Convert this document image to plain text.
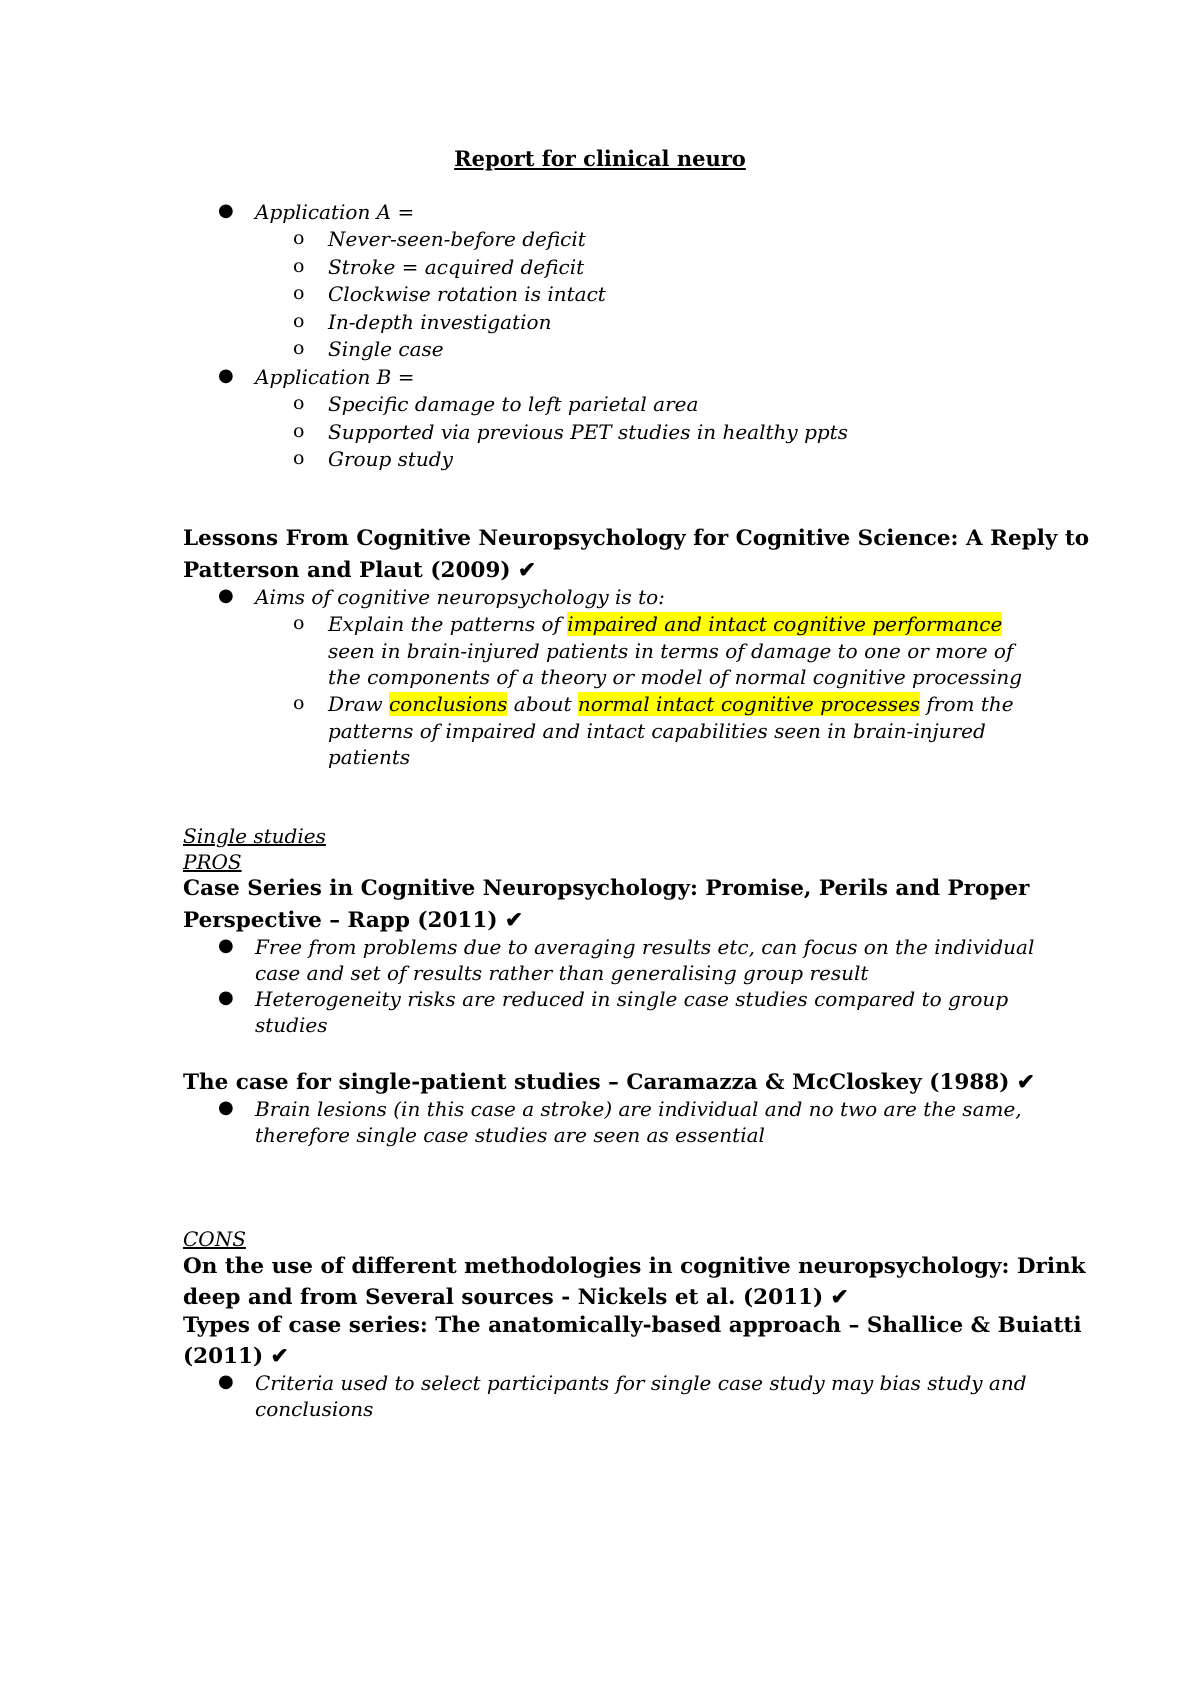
Report for clinical neuro
● Application A =
o Never-seen-before deficit
o Stroke = acquired deficit
o Clockwise rotation is intact
o In-depth investigation
o Single case
● Application B =
o Specific damage to left parietal area
o Supported via previous PET studies in healthy ppts
o Group study
Lessons From Cognitive Neuropsychology for Cognitive Science: A Reply to
Patterson and Plaut (2009) ✔
● Aims of cognitive neuropsychology is to:
o Explain the patterns of impaired and intact cognitive performance
seen in brain-injured patients in terms of damage to one or more of
the components of a theory or model of normal cognitive processing
o Draw conclusions about normal intact cognitive processes from the
patterns of impaired and intact capabilities seen in brain-injured
patients
Single studies
PROS
Case Series in Cognitive Neuropsychology: Promise, Perils and Proper
Perspective – Rapp (2011) ✔
● Free from problems due to averaging results etc, can focus on the individual
case and set of results rather than generalising group result
● Heterogeneity risks are reduced in single case studies compared to group
studies
The case for single-patient studies – Caramazza & McCloskey (1988) ✔
● Brain lesions (in this case a stroke) are individual and no two are the same,
therefore single case studies are seen as essential
CONS
On the use of different methodologies in cognitive neuropsychology: Drink
deep and from Several sources - Nickels et al. (2011) ✔
Types of case series: The anatomically-based approach – Shallice & Buiatti
(2011) ✔
● Criteria used to select participants for single case study may bias study and
conclusions
